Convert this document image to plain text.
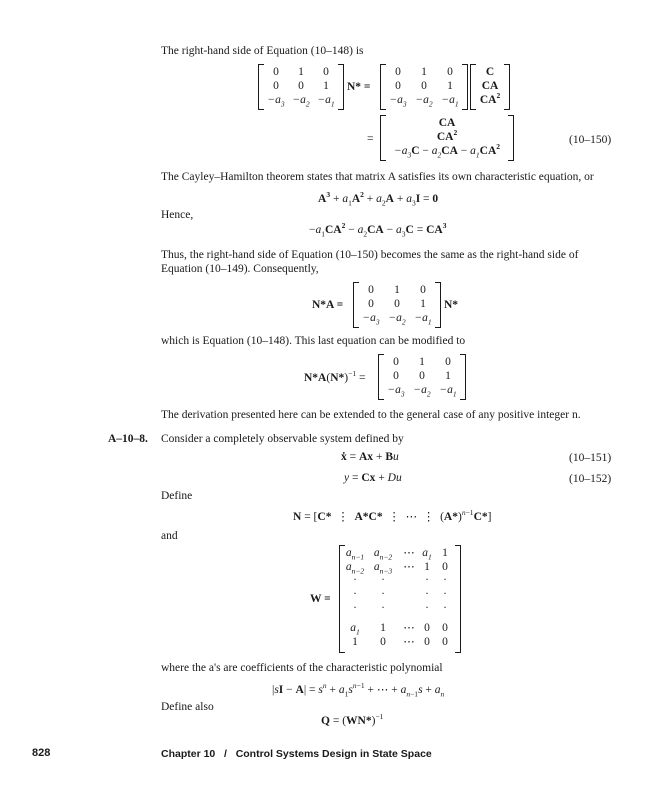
The right-hand side of Equation (10–148) is
0	1	0
0	0	1
$-a_3 -a_2 -a_1$
N* =
0	1	0
0	0	1
$-a_3 -a_2 -a_1$
C
CA
$CA^2$
=
CA
$CA^2$
$-a_3C - a_2CA - a_1CA^2$
(10–150)
The Cayley–Hamilton theorem states that matrix A satisfies its own characteristic equation, or
$A^3 + a_1A^2 + a_2A + a_3I = 0$
Hence,
$-a_1CA^2 - a_2CA - a_3C = CA^3$
Thus, the right-hand side of Equation (10–150) becomes the same as the right-hand side of
Equation (10–149). Consequently,
N*A =
0	1	0
0	0	1
$-a_3 -a_2 -a_1$
N*
which is Equation (10–148). This last equation can be modified to
$N*A(N*)^{-1}$ =
0	1	0
0	0	1
$-a_3 -a_2 -a_1$
The derivation presented here can be extended to the general case of any positive integer n.
A–10–8. Consider a completely observable system defined by
ẋ = Ax + Bu	(10–151)
y = Cx + Du	(10–152)
Define
N = [C*  ⋮  A*C*  ⋮  ⋯  ⋮  $(A*)^{n-1}C*$]
and
W =
$a_{n-1}$ $a_{n-2}$ ⋯ $a_1$ 1
$a_{n-2}$ $a_{n-3}$ ⋯ 1	0
·	·	·	·
·	·	·	·
·	·	·	·
$a_1$	1	⋯ 0	0
1	0	⋯ 0	0
where the a's are coefficients of the characteristic polynomial
$|sI - A| = s^n + a_1s^{n-1}$ + ⋯ + $a_{n-1}s + a_n$
Define also
$Q = (WN*)^{-1}$
828	Chapter 10   /   Control Systems Design in State Space
